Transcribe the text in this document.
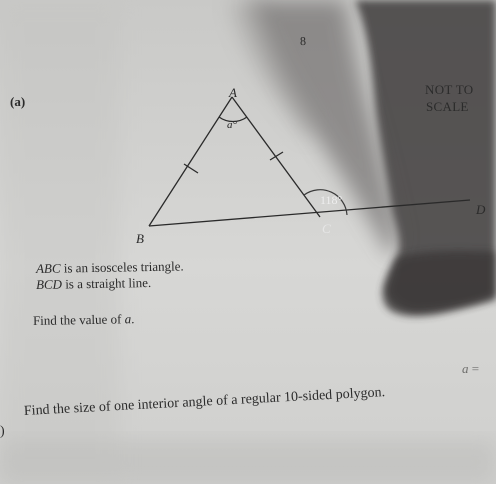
A
B
C
D
a°
118°
8
(a)
NOT TO
SCALE
ABC is an isosceles triangle.
BCD is a straight line.
Find the value of a.
a =
)
Find the size of one interior angle of a regular 10-sided polygon.
